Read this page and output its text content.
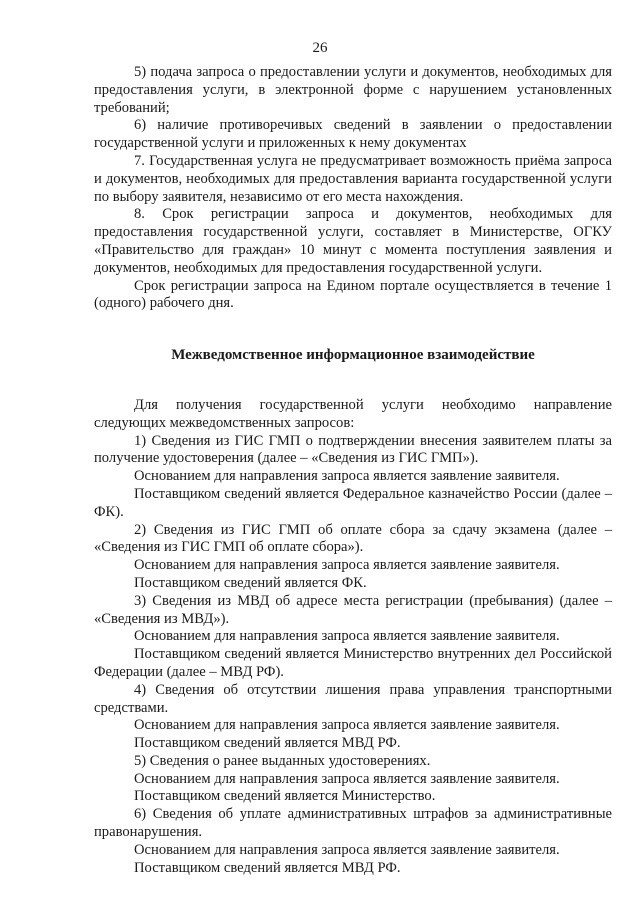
26

5) подача запроса о предоставлении услуги и документов, необходимых для предоставления услуги, в электронной форме с нарушением установленных требований;

6) наличие противоречивых сведений в заявлении о предоставлении государственной услуги и приложенных к нему документах

7. Государственная услуга не предусматривает возможность приёма запроса и документов, необходимых для предоставления варианта государственной услуги по выбору заявителя, независимо от его места нахождения.

8. Срок регистрации запроса и документов, необходимых для предоставления государственной услуги, составляет в Министерстве, ОГКУ «Правительство для граждан» 10 минут с момента поступления заявления и документов, необходимых для предоставления государственной услуги.

Срок регистрации запроса на Едином портале осуществляется в течение 1 (одного) рабочего дня.

Межведомственное информационное взаимодействие

Для получения государственной услуги необходимо направление следующих межведомственных запросов:

1) Сведения из ГИС ГМП о подтверждении внесения заявителем платы за получение удостоверения (далее – «Сведения из ГИС ГМП»).

Основанием для направления запроса является заявление заявителя.

Поставщиком сведений является Федеральное казначейство России (далее – ФК).

2) Сведения из ГИС ГМП об оплате сбора за сдачу экзамена (далее – «Сведения из ГИС ГМП об оплате сбора»).

Основанием для направления запроса является заявление заявителя.

Поставщиком сведений является ФК.

3) Сведения из МВД об адресе места регистрации (пребывания) (далее – «Сведения из МВД»).

Основанием для направления запроса является заявление заявителя.

Поставщиком сведений является Министерство внутренних дел Российской Федерации (далее – МВД РФ).

4) Сведения об отсутствии лишения права управления транспортными средствами.

Основанием для направления запроса является заявление заявителя.

Поставщиком сведений является МВД РФ.

5) Сведения о ранее выданных удостоверениях.

Основанием для направления запроса является заявление заявителя.

Поставщиком сведений является Министерство.

6) Сведения об уплате административных штрафов за административные правонарушения.

Основанием для направления запроса является заявление заявителя.

Поставщиком сведений является МВД РФ.
